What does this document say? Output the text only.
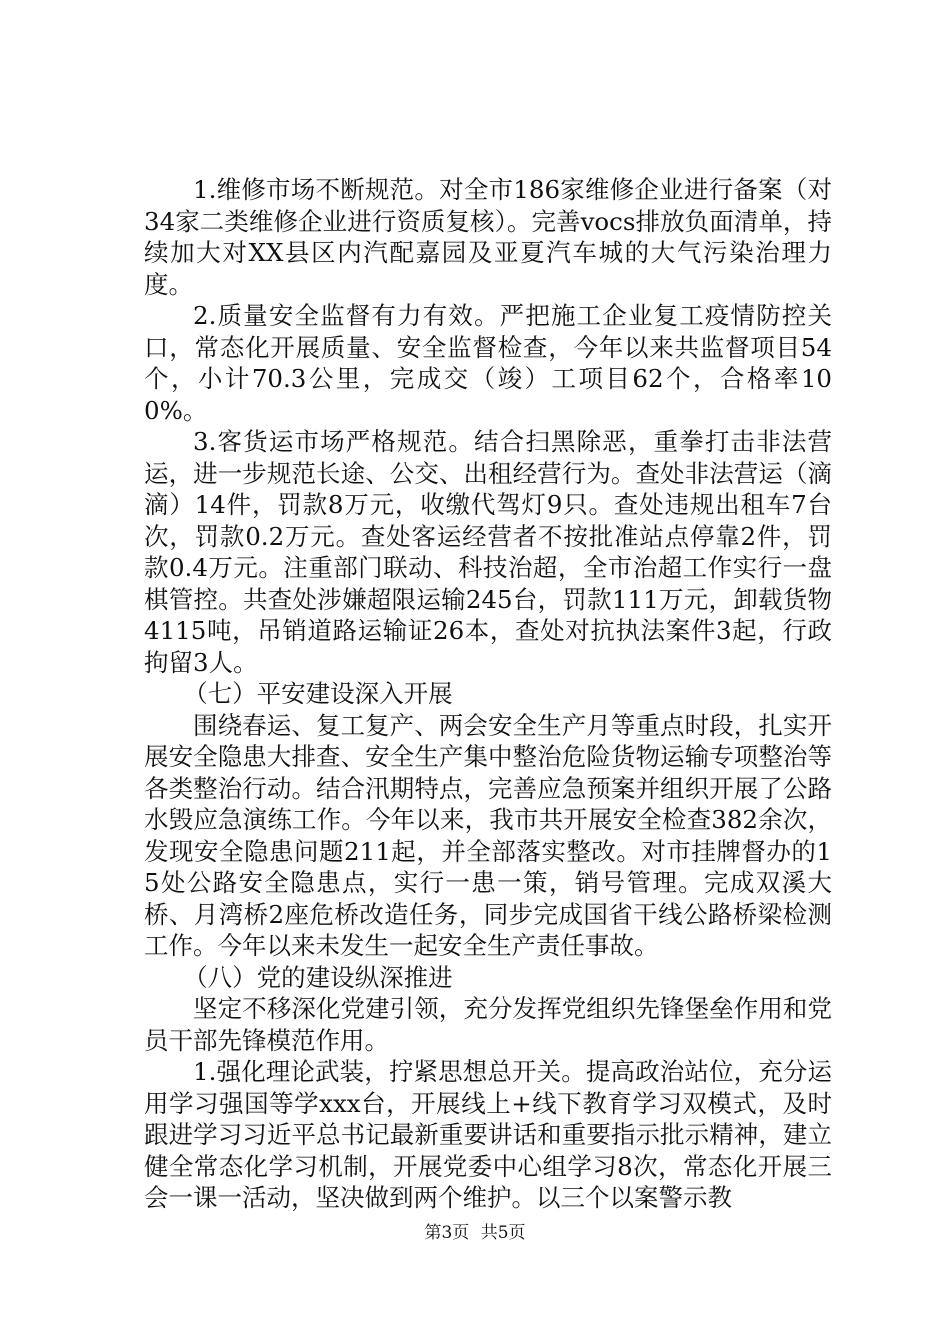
1.维修市场不断规范。对全市186家维修企业进行备案（对34家二类维修企业进行资质复核）。完善vocs排放负面清单，持续加大对XX县区内汽配嘉园及亚夏汽车城的大气污染治理力度。

2.质量安全监督有力有效。严把施工企业复工疫情防控关口，常态化开展质量、安全监督检查，今年以来共监督项目54个，小计70.3公里，完成交（竣）工项目62个，合格率100%。

3.客货运市场严格规范。结合扫黑除恶，重拳打击非法营运，进一步规范长途、公交、出租经营行为。查处非法营运（滴滴）14件，罚款8万元，收缴代驾灯9只。查处违规出租车7台次，罚款0.2万元。查处客运经营者不按批准站点停靠2件，罚款0.4万元。注重部门联动、科技治超，全市治超工作实行一盘棋管控。共查处涉嫌超限运输245台，罚款111万元，卸载货物4115吨，吊销道路运输证26本，查处对抗执法案件3起，行政拘留3人。

（七）平安建设深入开展

围绕春运、复工复产、两会安全生产月等重点时段，扎实开展安全隐患大排查、安全生产集中整治危险货物运输专项整治等各类整治行动。结合汛期特点，完善应急预案并组织开展了公路水毁应急演练工作。今年以来，我市共开展安全检查382余次，发现安全隐患问题211起，并全部落实整改。对市挂牌督办的15处公路安全隐患点，实行一患一策，销号管理。完成双溪大桥、月湾桥2座危桥改造任务，同步完成国省干线公路桥梁检测工作。今年以来未发生一起安全生产责任事故。

（八）党的建设纵深推进

坚定不移深化党建引领，充分发挥党组织先锋堡垒作用和党员干部先锋模范作用。

1.强化理论武装，拧紧思想总开关。提高政治站位，充分运用学习强国等学xxx台，开展线上+线下教育学习双模式，及时跟进学习习近平总书记最新重要讲话和重要指示批示精神，建立健全常态化学习机制，开展党委中心组学习8次，常态化开展三会一课一活动，坚决做到两个维护。以三个以案警示教

第3页 共5页
